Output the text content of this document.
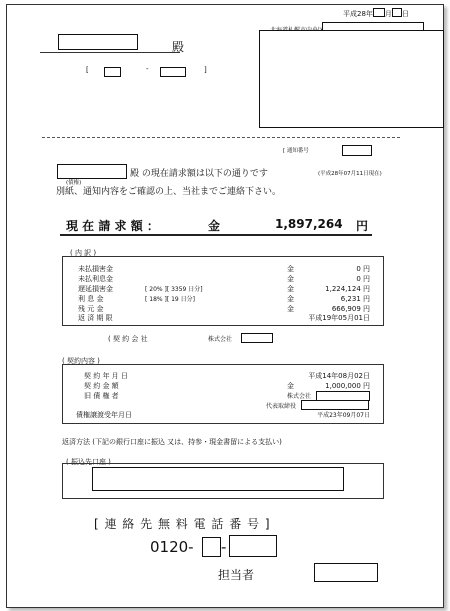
平成28年 月 日
殿
[	-	]
[ 通知番号
殿 の現在請求額は以下の通りです	(平成28年07月11日現在)
(債権)
別紙、通知内容をご確認の上、当社までご連絡下さい。
現 在 請 求 額 ：	金	1,897,264 円
( 内 訳 )
未払損害金	金	0 円
未払利息金	金	0 円
遅延損害金	[ 20% ][ 3359 日分]	金	1,224,124 円
利 息 金	[ 18% ][ 19 日分]	金	6,231 円
残 元 金	金	666,909 円
返 済 期 限	平成19年05月01日
( 契 約 会 社	株式会社
( 契約内容 )
契 約 年 月 日	平成14年08月02日
契 約 金 額	金	1,000,000 円
旧 債 権 者	株式会社
代表取締役
債権譲渡受年月日	平成23年09月07日
返済方法 (下記の銀行口座に振込 又は、持参・現金書留による支払い)
( 振込先口座 )
[ 連 絡 先 無 料 電 話 番 号 ]
0120- -
担当者
